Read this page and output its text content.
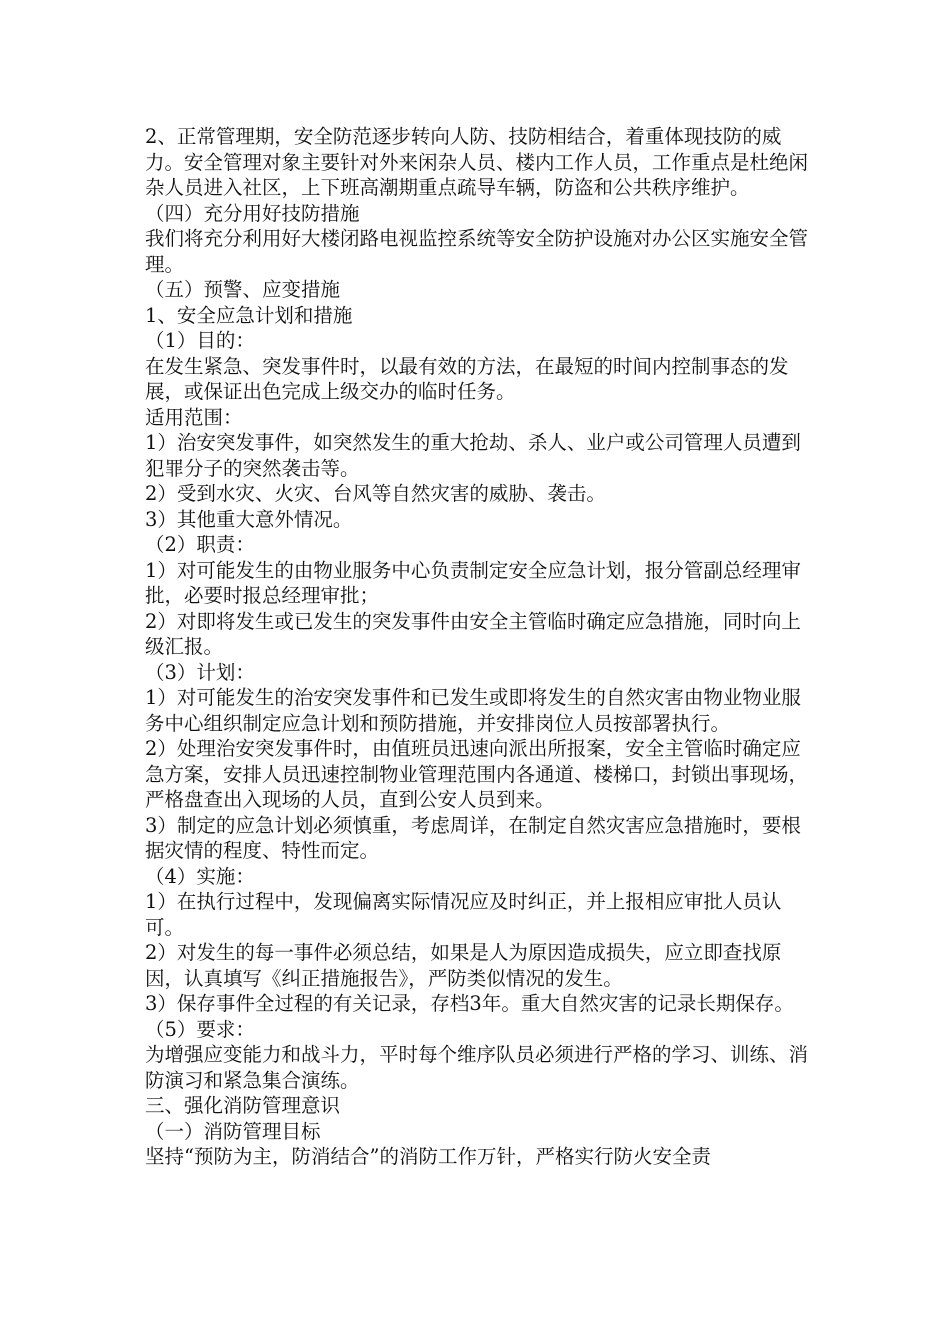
2、正常管理期，安全防范逐步转向人防、技防相结合，着重体现技防的威力。安全管理对象主要针对外来闲杂人员、楼内工作人员，工作重点是杜绝闲杂人员进入社区，上下班高潮期重点疏导车辆，防盗和公共秩序维护。

（四）充分用好技防措施

我们将充分利用好大楼闭路电视监控系统等安全防护设施对办公区实施安全管理。

（五）预警、应变措施

1、安全应急计划和措施

（1）目的：

在发生紧急、突发事件时，以最有效的方法，在最短的时间内控制事态的发展，或保证出色完成上级交办的临时任务。

适用范围：

1）治安突发事件，如突然发生的重大抢劫、杀人、业户或公司管理人员遭到犯罪分子的突然袭击等。

2）受到水灾、火灾、台风等自然灾害的威胁、袭击。

3）其他重大意外情况。

（2）职责：

1）对可能发生的由物业服务中心负责制定安全应急计划，报分管副总经理审批，必要时报总经理审批；

2）对即将发生或已发生的突发事件由安全主管临时确定应急措施，同时向上级汇报。

（3）计划：

1）对可能发生的治安突发事件和已发生或即将发生的自然灾害由物业物业服务中心组织制定应急计划和预防措施，并安排岗位人员按部署执行。

2）处理治安突发事件时，由值班员迅速向派出所报案，安全主管临时确定应急方案，安排人员迅速控制物业管理范围内各通道、楼梯口，封锁出事现场，严格盘查出入现场的人员，直到公安人员到来。

3）制定的应急计划必须慎重，考虑周详，在制定自然灾害应急措施时，要根据灾情的程度、特性而定。

（4）实施：

1）在执行过程中，发现偏离实际情况应及时纠正，并上报相应审批人员认可。

2）对发生的每一事件必须总结，如果是人为原因造成损失，应立即查找原因，认真填写《纠正措施报告》，严防类似情况的发生。

3）保存事件全过程的有关记录，存档3年。重大自然灾害的记录长期保存。

（5）要求：

为增强应变能力和战斗力，平时每个维序队员必须进行严格的学习、训练、消防演习和紧急集合演练。

三、强化消防管理意识

（一）消防管理目标

坚持“预防为主，防消结合”的消防工作万针，严格实行防火安全责
